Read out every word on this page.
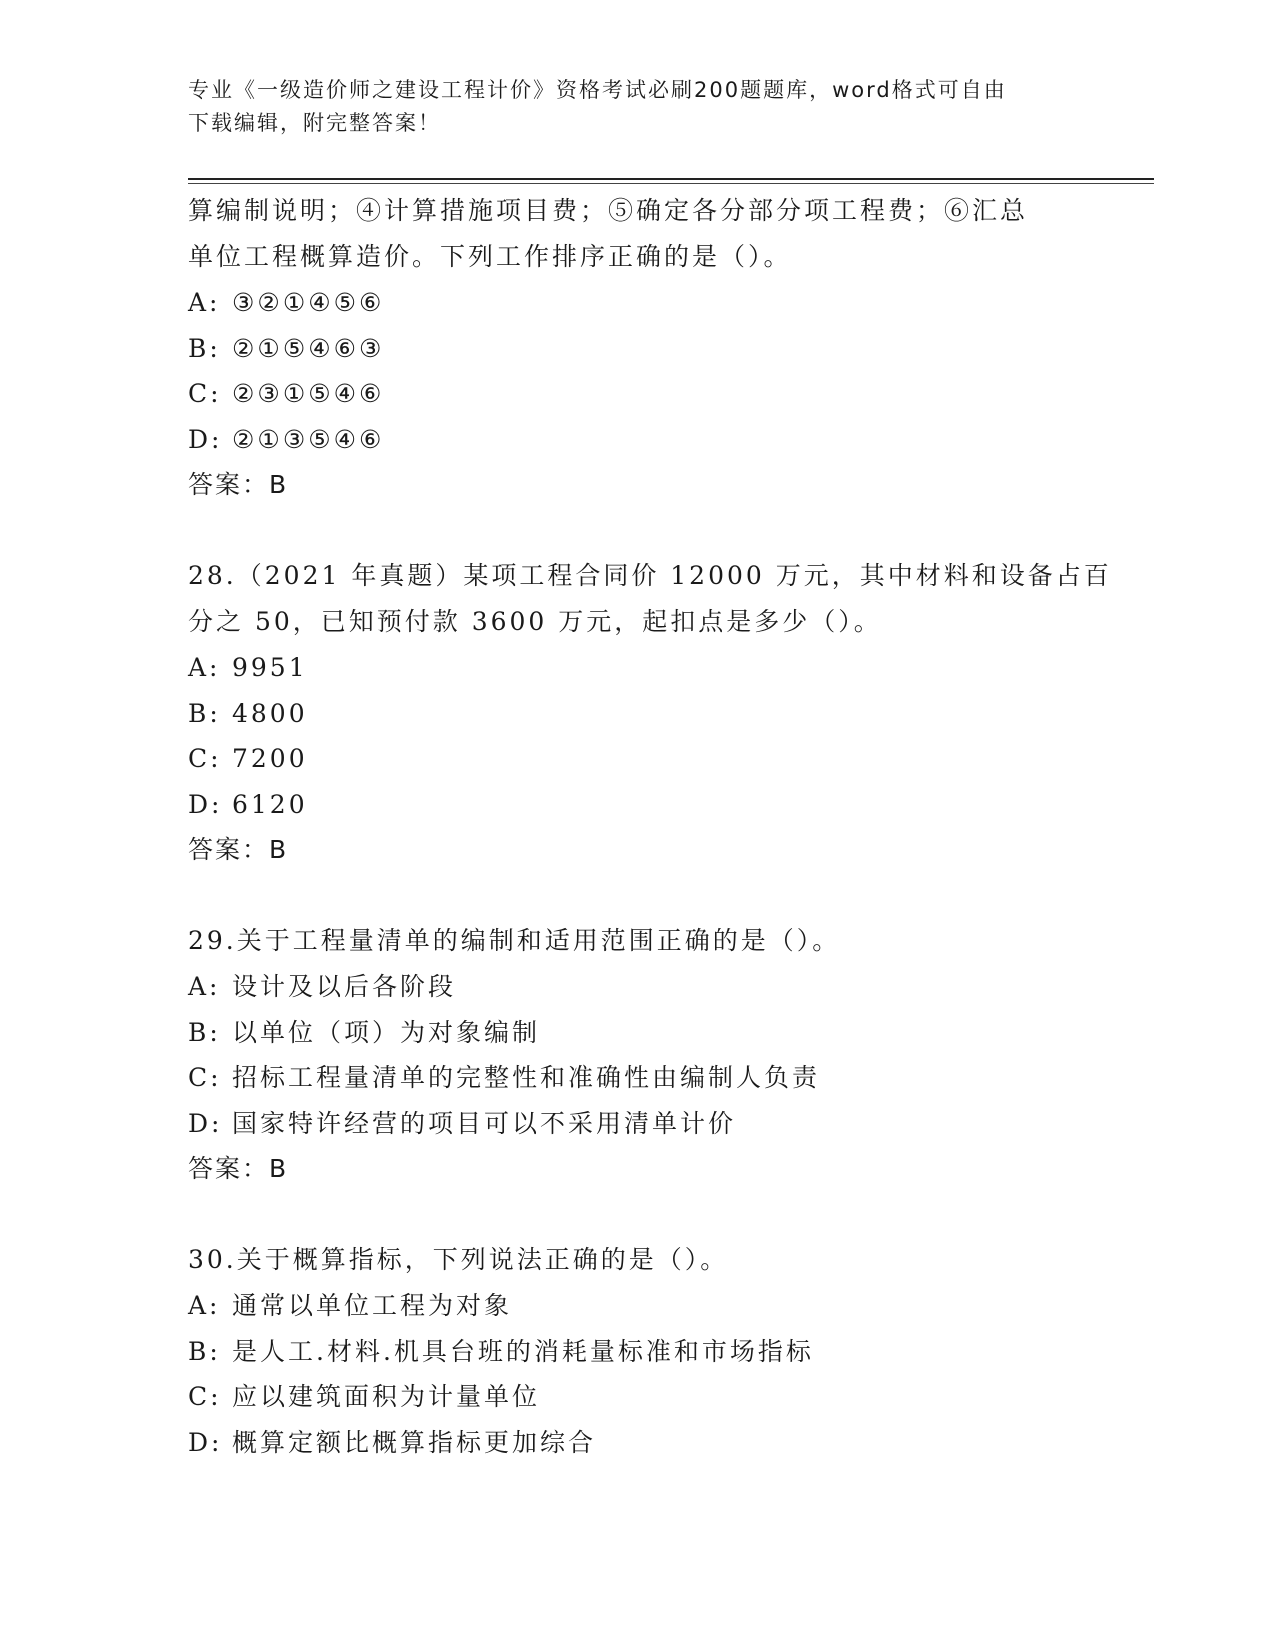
专业《一级造价师之建设工程计价》资格考试必刷200题题库，word格式可自由
下载编辑，附完整答案！
算编制说明；④计算措施项目费；⑤确定各分部分项工程费；⑥汇总
单位工程概算造价。下列工作排序正确的是（）。
A: ③②①④⑤⑥
B: ②①⑤④⑥③
C: ②③①⑤④⑥
D: ②①③⑤④⑥
答案：B
28.（2021 年真题）某项工程合同价 12000 万元，其中材料和设备占百
分之 50，已知预付款 3600 万元，起扣点是多少（）。
A: 9951
B: 4800
C: 7200
D: 6120
答案：B
29.关于工程量清单的编制和适用范围正确的是（）。
A: 设计及以后各阶段
B: 以单位（项）为对象编制
C: 招标工程量清单的完整性和准确性由编制人负责
D: 国家特许经营的项目可以不采用清单计价
答案：B
30.关于概算指标，下列说法正确的是（）。
A: 通常以单位工程为对象
B: 是人工.材料.机具台班的消耗量标准和市场指标
C: 应以建筑面积为计量单位
D: 概算定额比概算指标更加综合
